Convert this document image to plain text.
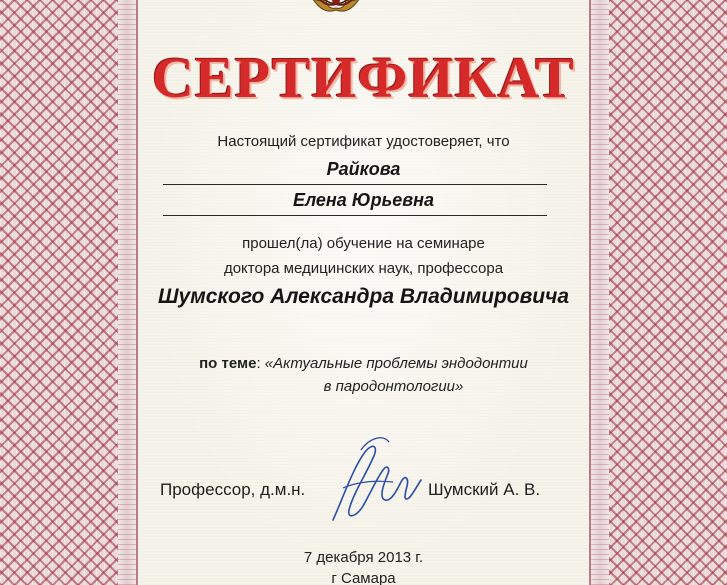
СЕРТИФИКАТ
Настоящий сертификат удостоверяет, что
Райкова
Елена Юрьевна
прошел(ла) обучение на семинаре
доктора медицинских наук, профессора
Шумского Александра Владимировича
по теме: «Актуальные проблемы эндодонтии
в пародонтологии»
Профессор, д.м.н.	Шумский А. В.
7 декабря 2013 г.
г Самара
